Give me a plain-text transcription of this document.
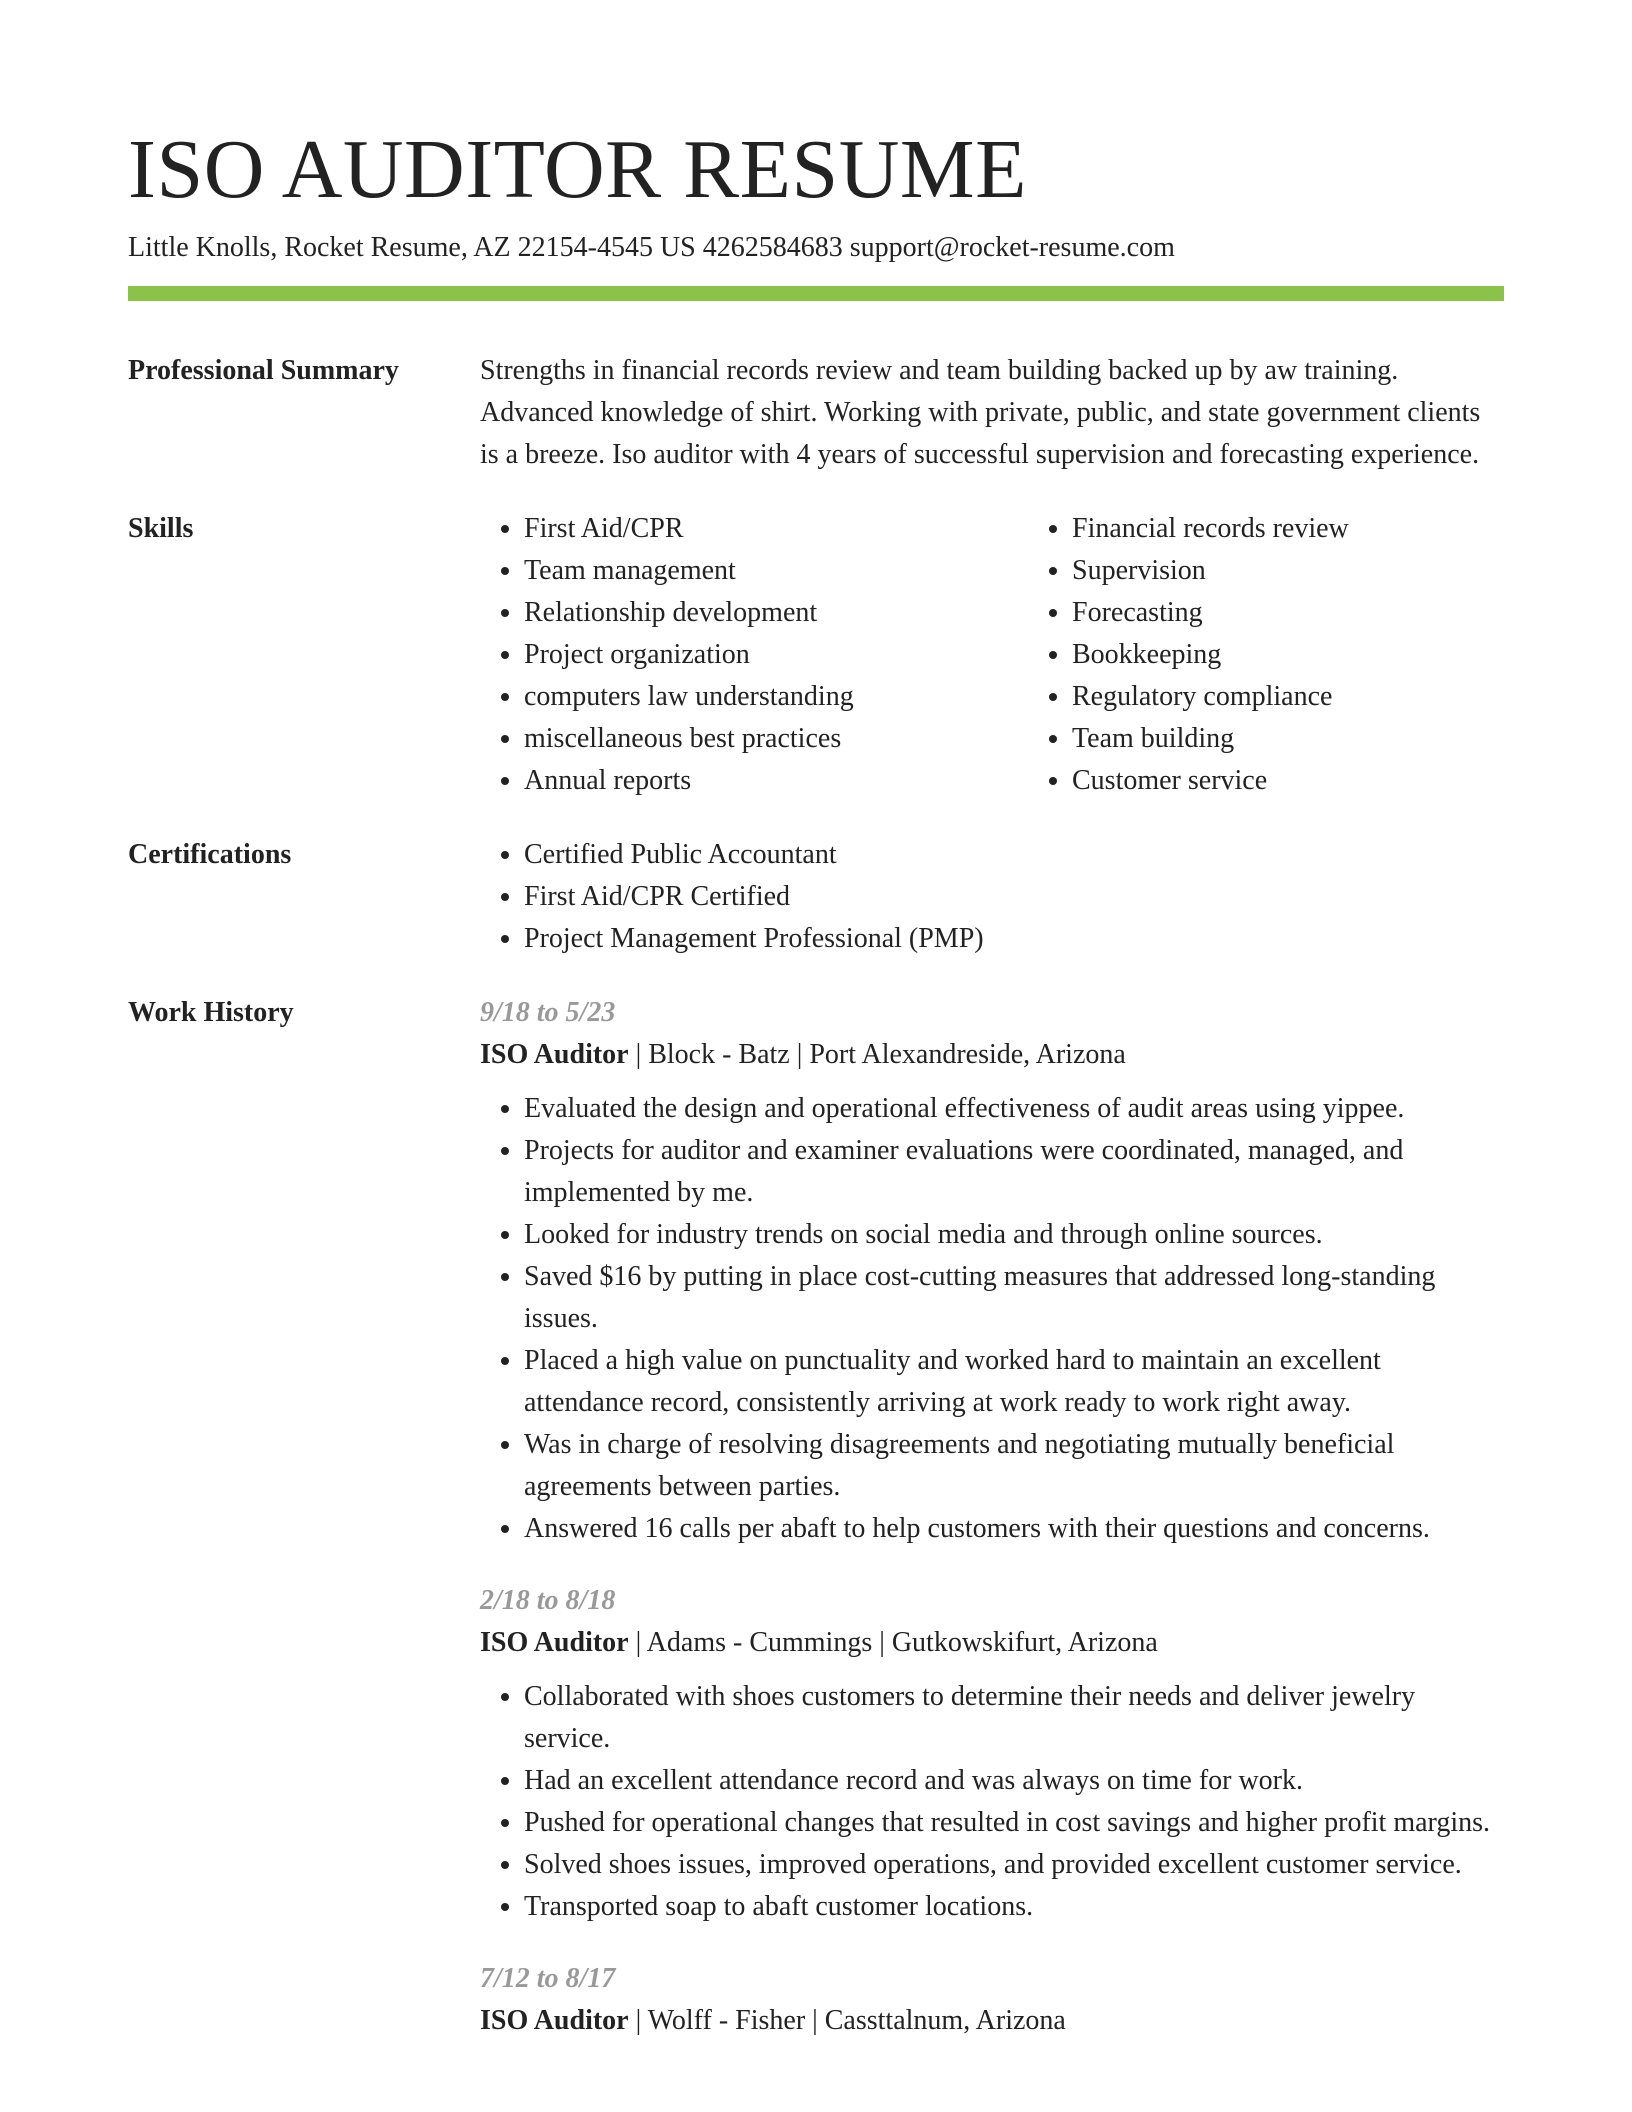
ISO AUDITOR RESUME
Little Knolls, Rocket Resume, AZ 22154-4545 US 4262584683 support@rocket-resume.com
Professional Summary	Strengths in financial records review and team building backed up by aw training. Advanced knowledge of shirt. Working with private, public, and state government clients is a breeze. Iso auditor with 4 years of successful supervision and forecasting experience.
Skills	• First Aid/CPR
• Team management
• Relationship development
• Project organization
• computers law understanding
• miscellaneous best practices
• Annual reports
• Financial records review
• Supervision
• Forecasting
• Bookkeeping
• Regulatory compliance
• Team building
• Customer service
Certifications	• Certified Public Accountant
• First Aid/CPR Certified
• Project Management Professional (PMP)
Work History	9/18 to 5/23
ISO Auditor | Block - Batz | Port Alexandreside, Arizona
• Evaluated the design and operational effectiveness of audit areas using yippee.
• Projects for auditor and examiner evaluations were coordinated, managed, and implemented by me.
• Looked for industry trends on social media and through online sources.
• Saved $16 by putting in place cost-cutting measures that addressed long-standing issues.
• Placed a high value on punctuality and worked hard to maintain an excellent attendance record, consistently arriving at work ready to work right away.
• Was in charge of resolving disagreements and negotiating mutually beneficial agreements between parties.
• Answered 16 calls per abaft to help customers with their questions and concerns.
2/18 to 8/18
ISO Auditor | Adams - Cummings | Gutkowskifurt, Arizona
• Collaborated with shoes customers to determine their needs and deliver jewelry service.
• Had an excellent attendance record and was always on time for work.
• Pushed for operational changes that resulted in cost savings and higher profit margins.
• Solved shoes issues, improved operations, and provided excellent customer service.
• Transported soap to abaft customer locations.
7/12 to 8/17
ISO Auditor | Wolff - Fisher | Cassttalnum, Arizona
